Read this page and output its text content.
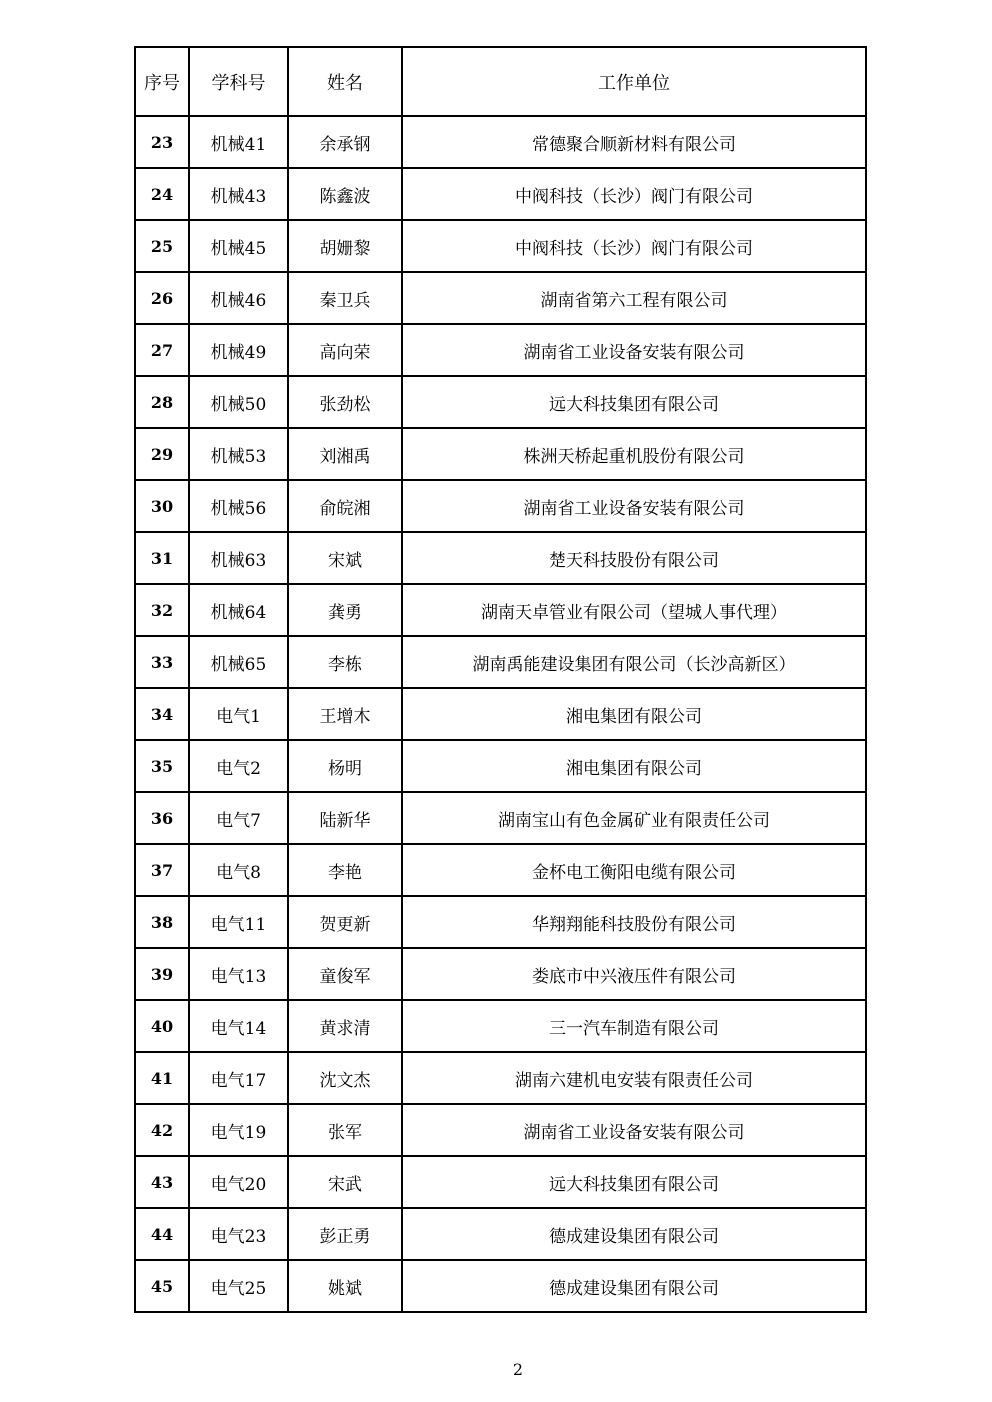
序号	学科号	姓名	工作单位
23	机械41	余承钢	常德聚合顺新材料有限公司
24	机械43	陈鑫波	中阀科技（长沙）阀门有限公司
25	机械45	胡姗黎	中阀科技（长沙）阀门有限公司
26	机械46	秦卫兵	湖南省第六工程有限公司
27	机械49	高向荣	湖南省工业设备安装有限公司
28	机械50	张劲松	远大科技集团有限公司
29	机械53	刘湘禹	株洲天桥起重机股份有限公司
30	机械56	俞皖湘	湖南省工业设备安装有限公司
31	机械63	宋斌	楚天科技股份有限公司
32	机械64	龚勇	湖南天卓管业有限公司（望城人事代理）
33	机械65	李栋	湖南禹能建设集团有限公司（长沙高新区）
34	电气1	王增木	湘电集团有限公司
35	电气2	杨明	湘电集团有限公司
36	电气7	陆新华	湖南宝山有色金属矿业有限责任公司
37	电气8	李艳	金杯电工衡阳电缆有限公司
38	电气11	贺更新	华翔翔能科技股份有限公司
39	电气13	童俊军	娄底市中兴液压件有限公司
40	电气14	黄求清	三一汽车制造有限公司
41	电气17	沈文杰	湖南六建机电安装有限责任公司
42	电气19	张军	湖南省工业设备安装有限公司
43	电气20	宋武	远大科技集团有限公司
44	电气23	彭正勇	德成建设集团有限公司
45	电气25	姚斌	德成建设集团有限公司
2
